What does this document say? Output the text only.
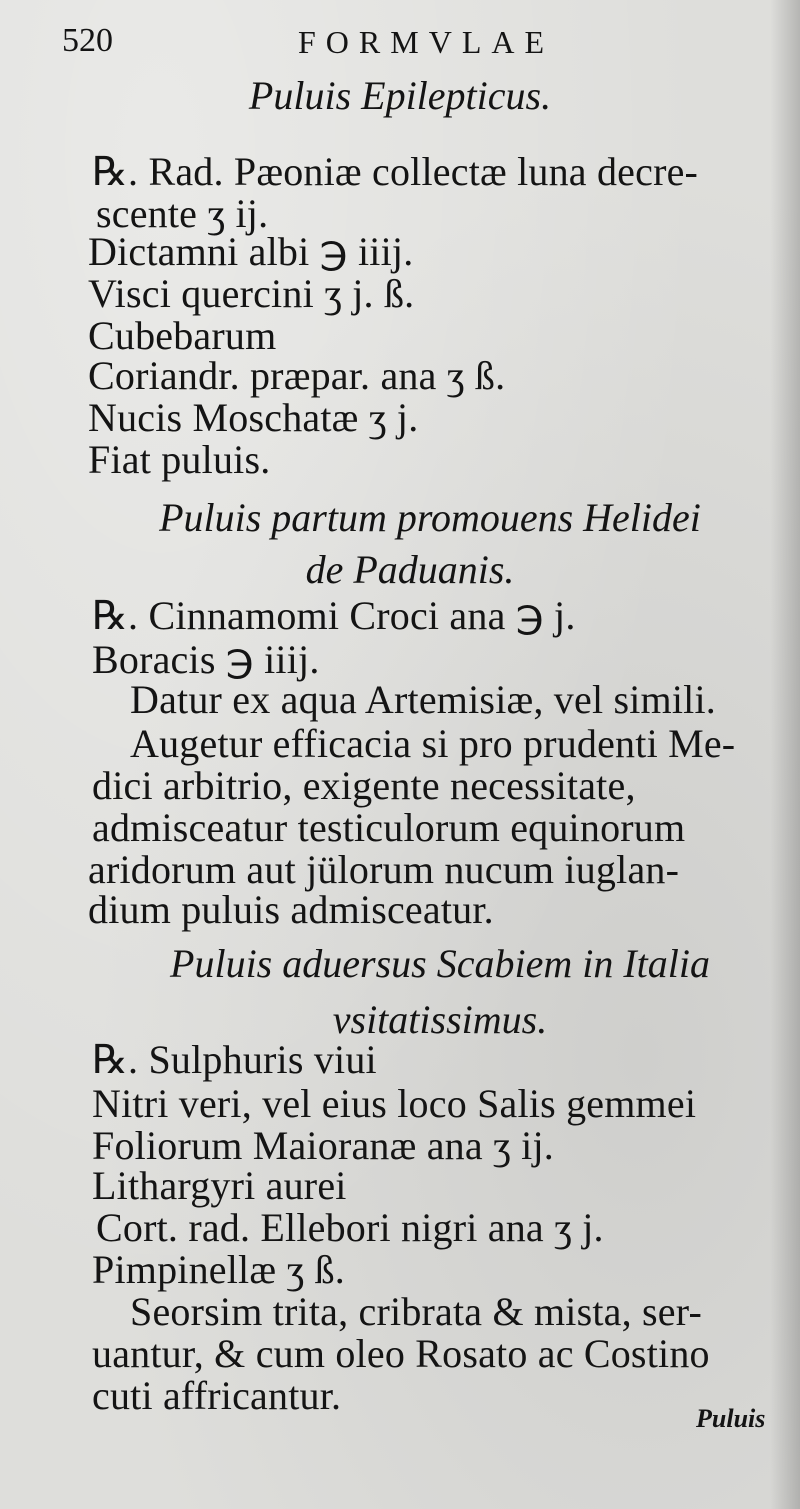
520	FORMVLAE
Puluis Epilepticus.
℞. Rad. Pæoniæ collectæ luna decre-
scente ʒ ij.
Dictamni albi ℈ iiij.
Visci quercini ʒ j. ß.
Cubebarum
Coriandr. præpar. ana ʒ ß.
Nucis Moschatæ ʒ j.
Fiat puluis.
Puluis partum promouens Helidei
de Paduanis.
℞. Cinnamomi Croci ana ℈ j.
Boracis ℈ iiij.
Datur ex aqua Artemisiæ, vel simili.
Augetur efficacia si pro prudenti Me-
dici arbitrio, exigente necessitate,
admisceatur testiculorum equinorum
aridorum aut jülorum nucum iuglan-
dium puluis admisceatur.
Puluis aduersus Scabiem in Italia
vsitatissimus.
℞. Sulphuris viui
Nitri veri, vel eius loco Salis gemmei
Foliorum Maioranæ ana ʒ ij.
Lithargyri aurei
Cort. rad. Ellebori nigri ana ʒ j.
Pimpinellæ ʒ ß.
Seorsim trita, cribrata & mista, ser-
uantur, & cum oleo Rosato ac Costino
cuti affricantur.
Puluis
